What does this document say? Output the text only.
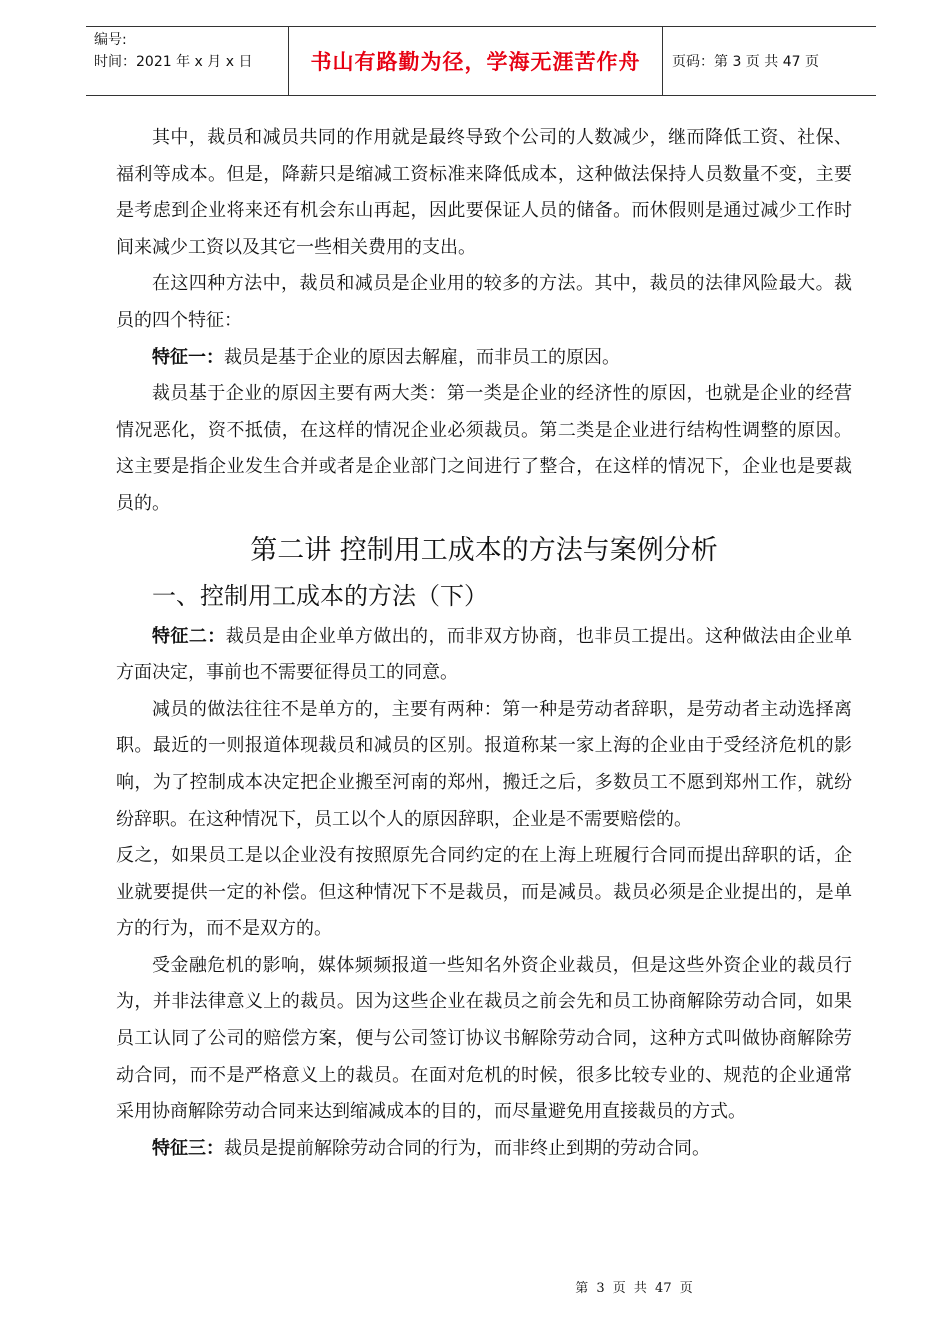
编号:
时间：2021 年 x 月 x 日	书山有路勤为径，学海无涯苦作舟	页码：第 3 页 共 47 页

其中，裁员和减员共同的作用就是最终导致个公司的人数减少，继而降低工资、社保、福利等成本。但是，降薪只是缩减工资标准来降低成本，这种做法保持人员数量不变，主要是考虑到企业将来还有机会东山再起，因此要保证人员的储备。而休假则是通过减少工作时间来减少工资以及其它一些相关费用的支出。

在这四种方法中，裁员和减员是企业用的较多的方法。其中，裁员的法律风险最大。裁员的四个特征：

特征一：裁员是基于企业的原因去解雇，而非员工的原因。

裁员基于企业的原因主要有两大类：第一类是企业的经济性的原因，也就是企业的经营情况恶化，资不抵债，在这样的情况企业必须裁员。第二类是企业进行结构性调整的原因。这主要是指企业发生合并或者是企业部门之间进行了整合，在这样的情况下，企业也是要裁员的。

第二讲 控制用工成本的方法与案例分析
一、控制用工成本的方法（下）

特征二：裁员是由企业单方做出的，而非双方协商，也非员工提出。这种做法由企业单方面决定，事前也不需要征得员工的同意。

减员的做法往往不是单方的，主要有两种：第一种是劳动者辞职，是劳动者主动选择离职。最近的一则报道体现裁员和减员的区别。报道称某一家上海的企业由于受经济危机的影响，为了控制成本决定把企业搬至河南的郑州，搬迁之后，多数员工不愿到郑州工作，就纷纷辞职。在这种情况下，员工以个人的原因辞职，企业是不需要赔偿的。

反之，如果员工是以企业没有按照原先合同约定的在上海上班履行合同而提出辞职的话，企业就要提供一定的补偿。但这种情况下不是裁员，而是减员。裁员必须是企业提出的，是单方的行为，而不是双方的。

受金融危机的影响，媒体频频报道一些知名外资企业裁员，但是这些外资企业的裁员行为，并非法律意义上的裁员。因为这些企业在裁员之前会先和员工协商解除劳动合同，如果员工认同了公司的赔偿方案，便与公司签订协议书解除劳动合同，这种方式叫做协商解除劳动合同，而不是严格意义上的裁员。在面对危机的时候，很多比较专业的、规范的企业通常采用协商解除劳动合同来达到缩减成本的目的，而尽量避免用直接裁员的方式。

特征三：裁员是提前解除劳动合同的行为，而非终止到期的劳动合同。

第 3 页 共 47 页
